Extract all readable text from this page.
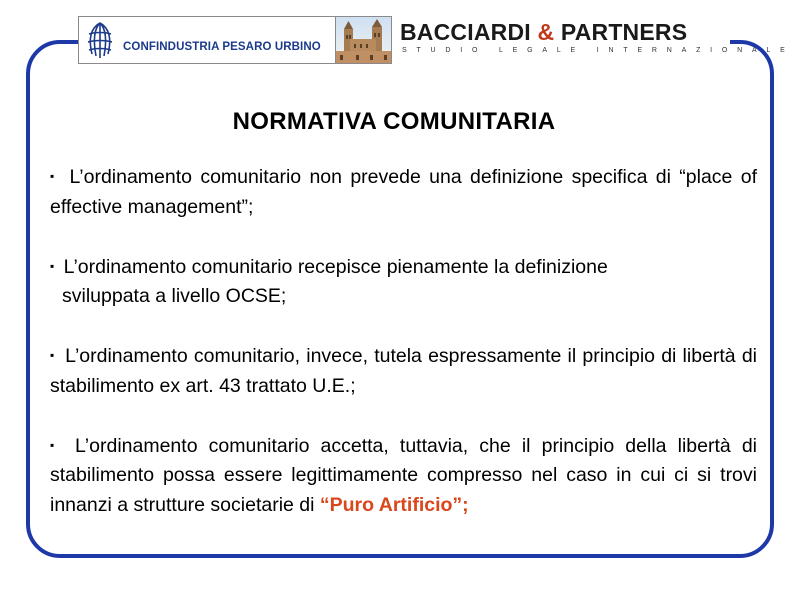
CONFINDUSTRIA PESARO URBINO
BACCIARDI & PARTNERS
STUDIO LEGALE INTERNAZIONALE
NORMATIVA COMUNITARIA

▪ L’ordinamento comunitario non prevede una definizione specifica di “place of effective management”;

▪ L’ordinamento comunitario recepisce pienamente la definizione
sviluppata a livello OCSE;

▪ L’ordinamento comunitario, invece, tutela espressamente il principio di libertà di stabilimento ex art. 43 trattato U.E.;

▪ L’ordinamento comunitario accetta, tuttavia, che il principio della libertà di stabilimento possa essere legittimamente compresso nel caso in cui ci si trovi innanzi a strutture societarie di “Puro Artificio”;
